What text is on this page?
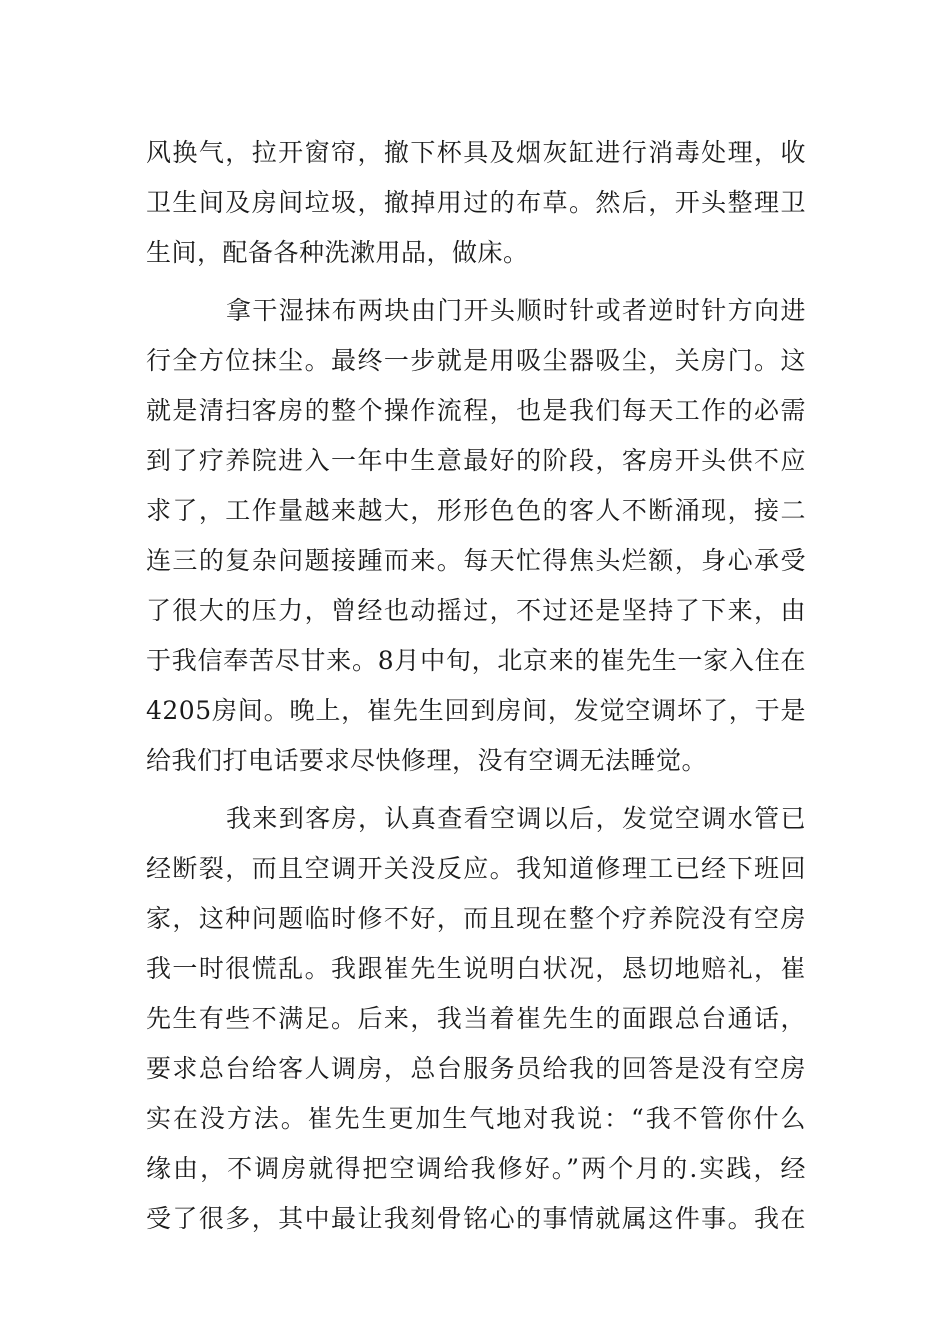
风换气，拉开窗帘，撤下杯具及烟灰缸进行消毒处理，收
卫生间及房间垃圾，撤掉用过的布草。然后，开头整理卫
生间，配备各种洗漱用品，做床。
拿干湿抹布两块由门开头顺时针或者逆时针方向进
行全方位抹尘。最终一步就是用吸尘器吸尘，关房门。这
就是清扫客房的整个操作流程，也是我们每天工作的必需
到了疗养院进入一年中生意最好的阶段，客房开头供不应
求了，工作量越来越大，形形色色的客人不断涌现，接二
连三的复杂问题接踵而来。每天忙得焦头烂额，身心承受
了很大的压力，曾经也动摇过，不过还是坚持了下来，由
于我信奉苦尽甘来。8月中旬，北京来的崔先生一家入住在
4205房间。晚上，崔先生回到房间，发觉空调坏了，于是
给我们打电话要求尽快修理，没有空调无法睡觉。
我来到客房，认真查看空调以后，发觉空调水管已
经断裂，而且空调开关没反应。我知道修理工已经下班回
家，这种问题临时修不好，而且现在整个疗养院没有空房
我一时很慌乱。我跟崔先生说明白状况，恳切地赔礼，崔
先生有些不满足。后来，我当着崔先生的面跟总台通话，
要求总台给客人调房，总台服务员给我的回答是没有空房
实在没方法。崔先生更加生气地对我说：“我不管你什么
缘由，不调房就得把空调给我修好。”两个月的.实践，经
受了很多，其中最让我刻骨铭心的事情就属这件事。我在
